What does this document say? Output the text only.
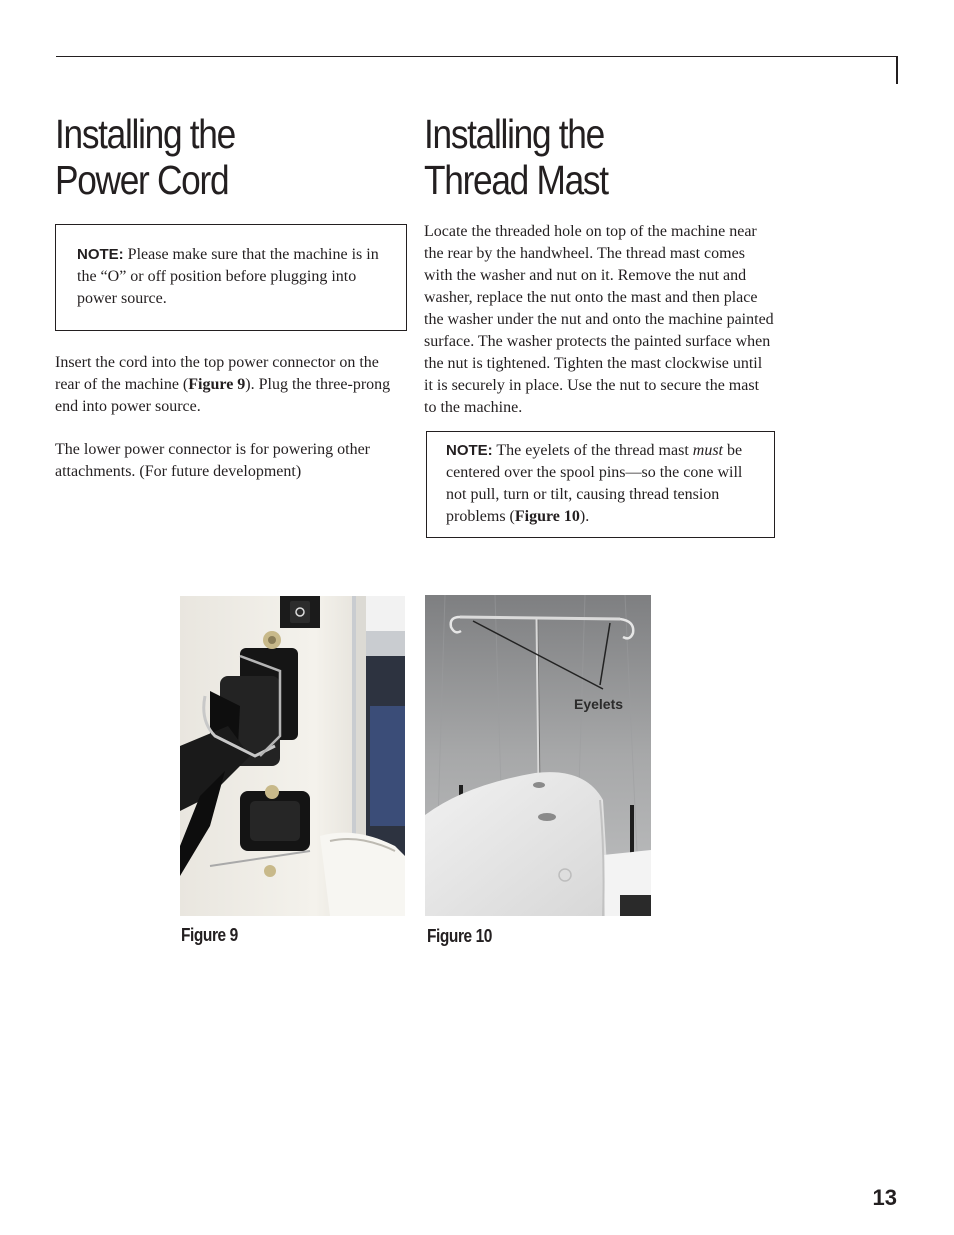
Installing the
Power Cord
NOTE: Please make sure that the machine is in the “O” or off position before plugging into power source.

Insert the cord into the top power connector on the rear of the machine (Figure 9). Plug the three-prong end into power source.

The lower power connector is for powering other attachments. (For future development)

Installing the
Thread Mast

Locate the threaded hole on top of the machine near the rear by the handwheel. The thread mast comes with the washer and nut on it. Remove the nut and washer, replace the nut onto the mast and then place the washer under the nut and onto the machine painted surface. The washer protects the painted surface when the nut is tightened. Tighten the mast clockwise until it is securely in place. Use the nut to secure the mast to the machine.

NOTE: The eyelets of the thread mast must be centered over the spool pins—so the cone will not pull, turn or tilt, causing thread tension problems (Figure 10).
Eyelets
Figure 9	Figure 10
13
